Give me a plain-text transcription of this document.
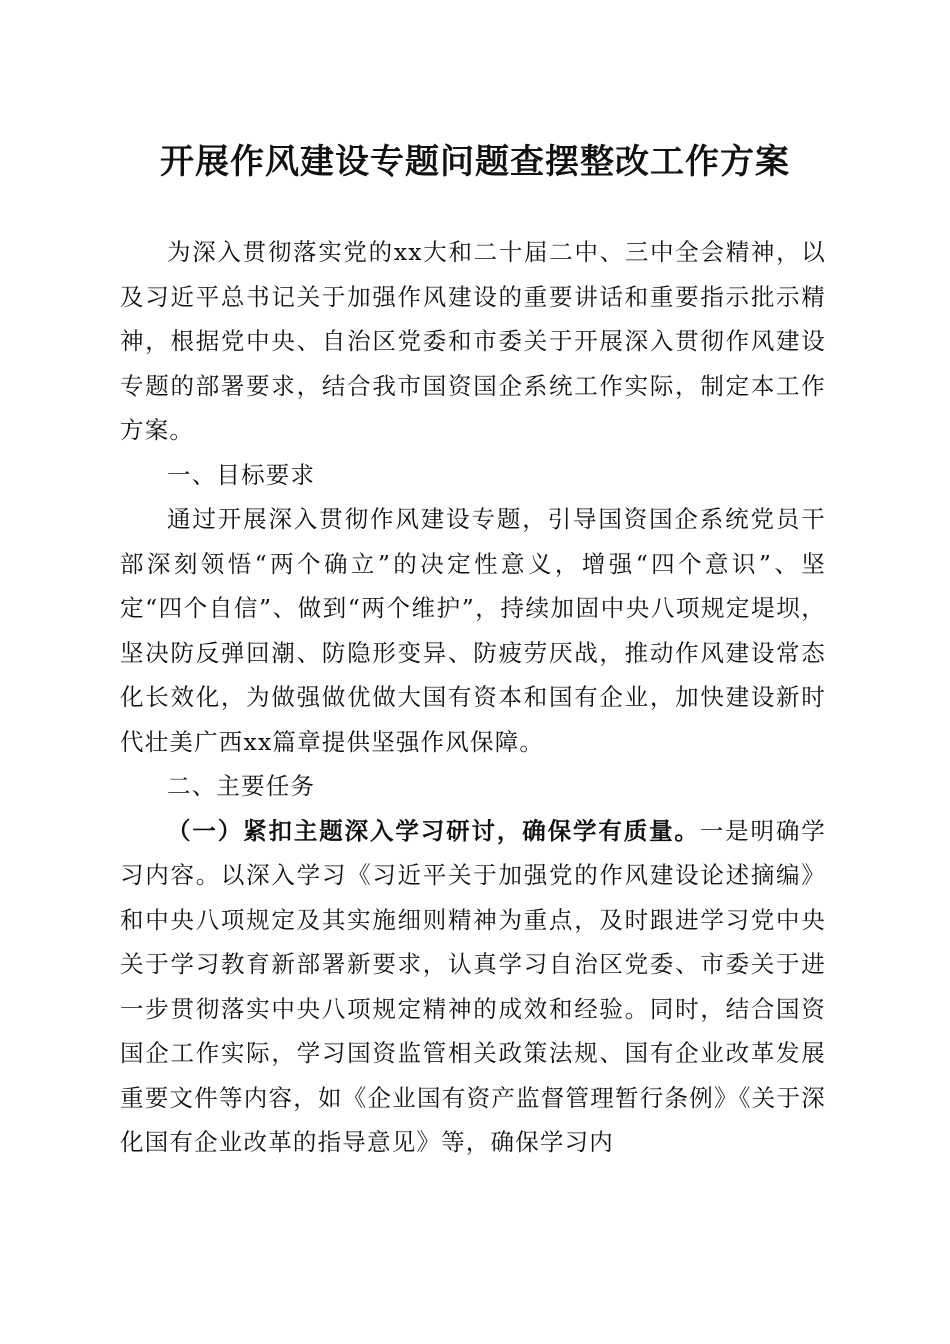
开展作风建设专题问题查摆整改工作方案

为深入贯彻落实党的xx大和二十届二中、三中全会精神，以及习近平总书记关于加强作风建设的重要讲话和重要指示批示精神，根据党中央、自治区党委和市委关于开展深入贯彻作风建设专题的部署要求，结合我市国资国企系统工作实际，制定本工作方案。

一、目标要求

通过开展深入贯彻作风建设专题，引导国资国企系统党员干部深刻领悟“两个确立”的决定性意义，增强“四个意识”、坚定“四个自信”、做到“两个维护”，持续加固中央八项规定堤坝，坚决防反弹回潮、防隐形变异、防疲劳厌战，推动作风建设常态化长效化，为做强做优做大国有资本和国有企业，加快建设新时代壮美广西xx篇章提供坚强作风保障。

二、主要任务

（一）紧扣主题深入学习研讨，确保学有质量。一是明确学习内容。以深入学习《习近平关于加强党的作风建设论述摘编》和中央八项规定及其实施细则精神为重点，及时跟进学习党中央关于学习教育新部署新要求，认真学习自治区党委、市委关于进一步贯彻落实中央八项规定精神的成效和经验。同时，结合国资国企工作实际，学习国资监管相关政策法规、国有企业改革发展重要文件等内容，如《企业国有资产监督管理暂行条例》《关于深化国有企业改革的指导意见》等，确保学习内
